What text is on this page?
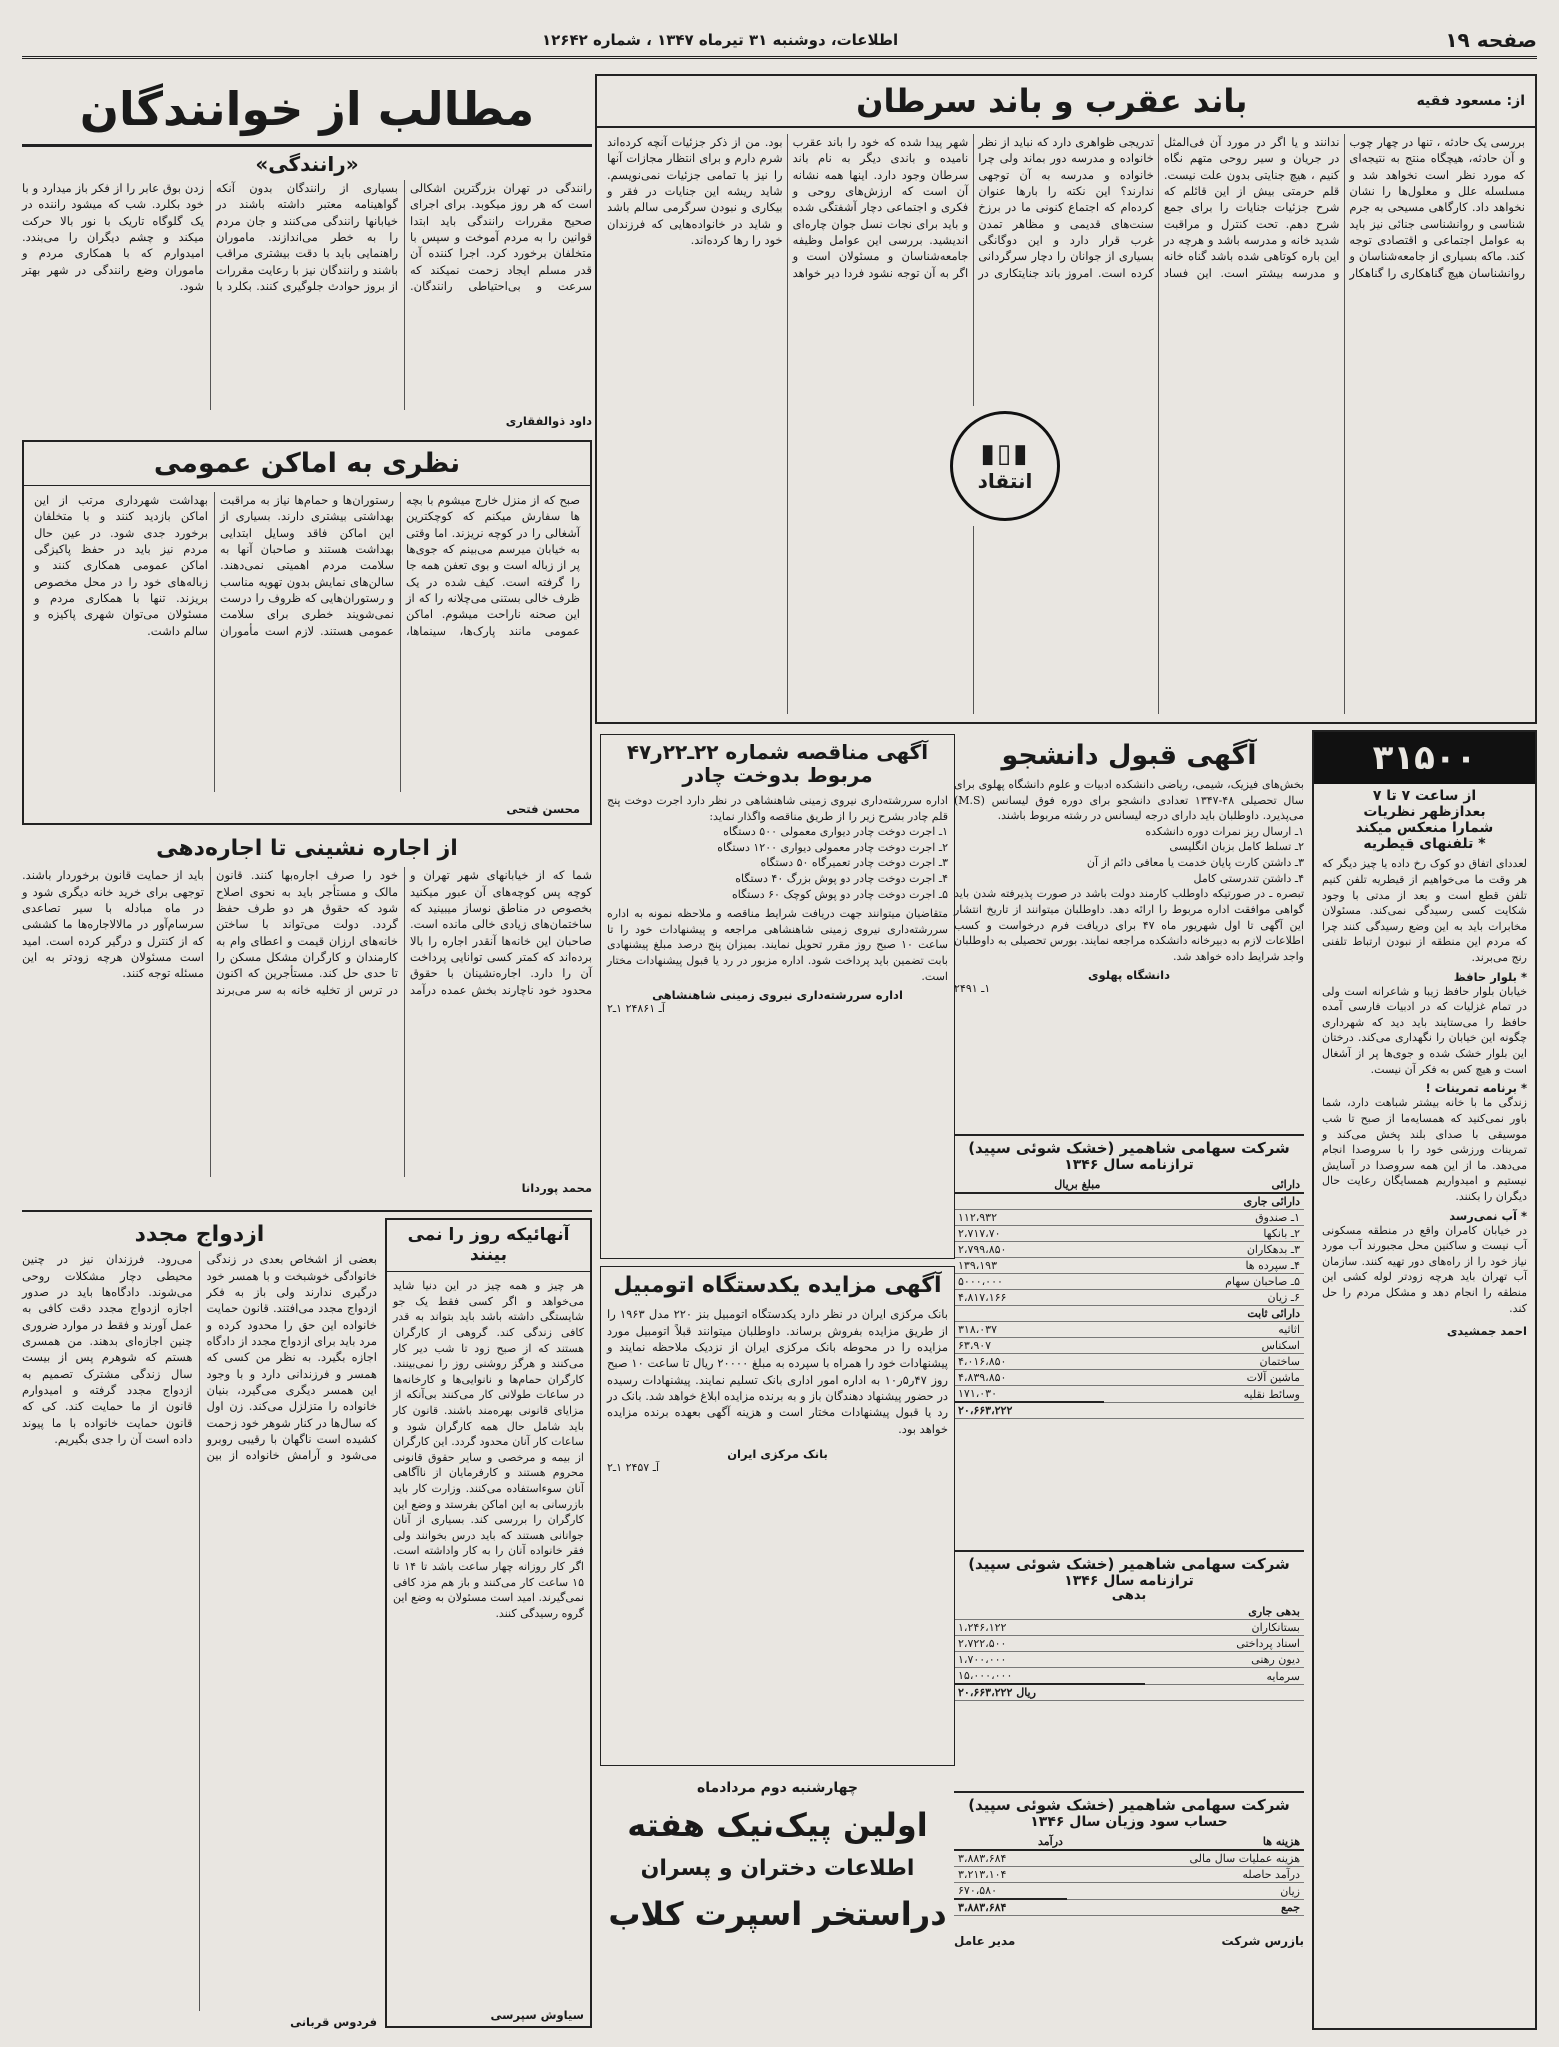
صفحه ۱۹
اطلاعات، دوشنبه ۳۱ تیرماه ۱۳۴۷ ، شماره ۱۲۶۴۲
از: مسعود فقیه
باند عقرب و باند سرطان
▮▯▮
انتقاد
بررسی یک حادثه ، تنها در چهار چوب و آن حادثه، هیچگاه منتج به نتیجه‌ای که مورد نظر است نخواهد شد و مسلسله علل و معلول‌ها را نشان نخواهد داد. کارگاهی مسیحی به جرم شناسی و روانشناسی جنائی نیز باید به عوامل اجتماعی و اقتصادی توجه کند. ماکه بسیاری از جامعه‌شناسان و روانشناسان هیچ گناهکاری را گناهکار ندانند و یا اگر در مورد آن فی‌المثل در جریان و سیر روحی متهم نگاه کنیم ، هیچ جنایتی بدون علت نیست. قلم حرمتی بیش از این قائلم که شرح جزئیات جنایات را برای جمع شرح دهم. تحت کنترل و مراقبت شدید خانه و مدرسه باشد و هرچه در این باره کوتاهی شده باشد گناه خانه و مدرسه بیشتر است. این فساد تدریجی ظواهری دارد که نباید از نظر خانواده و مدرسه دور بماند ولی چرا خانواده و مدرسه به آن توجهی ندارند؟ این نکته را بارها عنوان کرده‌ام که اجتماع کنونی ما در برزخ سنت‌های قدیمی و مظاهر تمدن غرب قرار دارد و این دوگانگی بسیاری از جوانان را دچار سرگردانی کرده است. امروز باند جنایتکاری در شهر پیدا شده که خود را باند عقرب نامیده و باندی دیگر به نام باند سرطان وجود دارد. اینها همه نشانه آن است که ارزش‌های روحی و فکری و اجتماعی دچار آشفتگی شده و باید برای نجات نسل جوان چاره‌ای اندیشید. بررسی این عوامل وظیفه جامعه‌شناسان و مسئولان است و اگر به آن توجه نشود فردا دیر خواهد بود. من از ذکر جزئیات آنچه کرده‌اند شرم دارم و برای انتظار مجازات آنها را نیز با تمامی جزئیات نمی‌نویسم. شاید ریشه این جنایات در فقر و بیکاری و نبودن سرگرمی سالم باشد و شاید در خانواده‌هایی که فرزندان خود را رها کرده‌اند.
مطالب از خوانندگان
«رانندگی»
رانندگی در تهران بزرگترین اشکالی است که هر روز میکوبد. برای اجرای صحیح مقررات رانندگی باید ابتدا قوانین را به مردم آموخت و سپس با متخلفان برخورد کرد. اجرا کننده آن قدر مسلم ایجاد زحمت نمیکند که سرعت و بی‌احتیاطی رانندگان. بسیاری از رانندگان بدون آنکه گواهینامه معتبر داشته باشند در خیابانها رانندگی می‌کنند و جان مردم را به خطر می‌اندازند. ماموران راهنمایی باید با دقت بیشتری مراقب باشند و رانندگان نیز با رعایت مقررات از بروز حوادث جلوگیری کنند. بکلرد با زدن بوق عابر را از فکر باز میدارد و با خود بکلرد. شب که میشود راننده در یک گلوگاه تاریک با نور بالا حرکت میکند و چشم دیگران را می‌بندد. امیدوارم که با همکاری مردم و ماموران وضع رانندگی در شهر بهتر شود.
داود ذوالفقاری
نظری به اماکن عمومی
صبح که از منزل خارج میشوم با بچه ها سفارش میکنم که کوچکترین آشغالی را در کوچه نریزند. اما وقتی به خیابان میرسم می‌بینم که جوی‌ها پر از زباله است و بوی تعفن همه جا را گرفته است. کیف شده در یک ظرف خالی بستنی می‌چلانه را که از این صحنه ناراحت میشوم. اماکن عمومی مانند پارک‌ها، سینماها، رستوران‌ها و حمام‌ها نیاز به مراقبت بهداشتی بیشتری دارند. بسیاری از این اماکن فاقد وسایل ابتدایی بهداشت هستند و صاحبان آنها به سلامت مردم اهمیتی نمی‌دهند. سالن‌های نمایش بدون تهویه مناسب و رستوران‌هایی که ظروف را درست نمی‌شویند خطری برای سلامت عمومی هستند. لازم است مأموران بهداشت شهرداری مرتب از این اماکن بازدید کنند و با متخلفان برخورد جدی شود. در عین حال مردم نیز باید در حفظ پاکیزگی اماکن عمومی همکاری کنند و زباله‌های خود را در محل مخصوص بریزند. تنها با همکاری مردم و مسئولان می‌توان شهری پاکیزه و سالم داشت.
محسن فتحی
از اجاره نشینی تا اجاره‌دهی
شما که از خیابانهای شهر تهران و کوچه پس کوچه‌های آن عبور میکنید بخصوص در مناطق نوساز میبینید که ساختمان‌های زیادی خالی مانده است. صاحبان این خانه‌ها آنقدر اجاره را بالا برده‌اند که کمتر کسی توانایی پرداخت آن را دارد. اجاره‌نشینان با حقوق محدود خود ناچارند بخش عمده درآمد خود را صرف اجاره‌بها کنند. قانون مالک و مستأجر باید به نحوی اصلاح شود که حقوق هر دو طرف حفظ گردد. دولت می‌تواند با ساختن خانه‌های ارزان قیمت و اعطای وام به کارمندان و کارگران مشکل مسکن را تا حدی حل کند. مستأجرین که اکنون در ترس از تخلیه خانه به سر می‌برند باید از حمایت قانون برخوردار باشند. توجهی برای خرید خانه دیگری شود و در ماه مبادله با سیر تصاعدی سرسام‌آور در مالالاجاره‌ها ما کششی که از کنترل و درگیر کرده است. امید است مسئولان هرچه زودتر به این مسئله توجه کنند.
محمد پوردانا
ازدواج مجدد
بعضی از اشخاص بعدی در زندگی خانوادگی خوشبخت و با همسر خود درگیری ندارند ولی باز به فکر ازدواج مجدد می‌افتند. قانون حمایت خانواده این حق را محدود کرده و مرد باید برای ازدواج مجدد از دادگاه اجازه بگیرد. به نظر من کسی که همسر و فرزندانی دارد و با وجود این همسر دیگری می‌گیرد، بنیان خانواده را متزلزل می‌کند. زن اول که سال‌ها در کنار شوهر خود زحمت کشیده است ناگهان با رقیبی روبرو می‌شود و آرامش خانواده از بین می‌رود. فرزندان نیز در چنین محیطی دچار مشکلات روحی می‌شوند. دادگاه‌ها باید در صدور اجازه ازدواج مجدد دقت کافی به عمل آورند و فقط در موارد ضروری چنین اجازه‌ای بدهند. من همسری هستم که شوهرم پس از بیست سال زندگی مشترک تصمیم به ازدواج مجدد گرفته و امیدوارم قانون از ما حمایت کند. کی که قانون حمایت خانواده با ما پیوند داده است آن را جدی بگیریم.
فردوس قربانی
آنهائیکه روز را نمی بینند
هر چیز و همه چیز در این دنیا شاید می‌خواهد و اگر کسی فقط یک جو شایستگی داشته باشد باید بتواند به قدر کافی زندگی کند. گروهی از کارگران هستند که از صبح زود تا شب دیر کار می‌کنند و هرگز روشنی روز را نمی‌بینند. کارگران حمام‌ها و نانوایی‌ها و کارخانه‌ها در ساعات طولانی کار می‌کنند بی‌آنکه از مزایای قانونی بهره‌مند باشند. قانون کار باید شامل حال همه کارگران شود و ساعات کار آنان محدود گردد. این کارگران از بیمه و مرخصی و سایر حقوق قانونی محروم هستند و کارفرمایان از ناآگاهی آنان سوءاستفاده می‌کنند. وزارت کار باید بازرسانی به این اماکن بفرستد و وضع این کارگران را بررسی کند. بسیاری از آنان جوانانی هستند که باید درس بخوانند ولی فقر خانواده آنان را به کار واداشته است. اگر کار روزانه چهار ساعت باشد تا ۱۴ تا ۱۵ ساعت کار می‌کنند و باز هم مزد کافی نمی‌گیرند. امید است مسئولان به وضع این گروه رسیدگی کنند.
سیاوش سپرسی
۳۱۵۰۰
از ساعت ۷ تا ۷
بعدازظهر نظریات
شمارا منعکس میکند
* تلفنهای قیطریه
لعددای اتفاق دو کوک رخ داده یا چیز دیگر که هر وقت ما می‌خواهیم از قیطریه تلفن کنیم تلفن قطع است و بعد از مدتی با وجود شکایت کسی رسیدگی نمی‌کند. مسئولان مخابرات باید به این وضع رسیدگی کنند چرا که مردم این منطقه از نبودن ارتباط تلفنی رنج می‌برند.
* بلوار حافظ
خیابان بلوار حافظ زیبا و شاعرانه است ولی در تمام غزلیات که در ادبیات فارسی آمده حافظ را می‌ستایند باید دید که شهرداری چگونه این خیابان را نگهداری می‌کند. درختان این بلوار خشک شده و جوی‌ها پر از آشغال است و هیچ کس به فکر آن نیست.
* برنامه تمرینات !
زندگی ما با خانه بیشتر شباهت دارد، شما باور نمی‌کنید که همسایه‌ما از صبح تا شب موسیقی با صدای بلند پخش می‌کند و تمرینات ورزشی خود را با سروصدا انجام می‌دهد. ما از این همه سروصدا در آسایش نیستیم و امیدواریم همسایگان رعایت حال دیگران را بکنند.
* آب نمی‌رسد
در خیابان کامران واقع در منطقه مسکونی آب نیست و ساکنین محل مجبورند آب مورد نیاز خود را از راه‌های دور تهیه کنند. سازمان آب تهران باید هرچه زودتر لوله کشی این منطقه را انجام دهد و مشکل مردم را حل کند.
احمد جمشیدی
آگهی قبول دانشجو
بخش‌های فیزیک، شیمی، ریاضی دانشکده ادبیات و علوم دانشگاه پهلوی برای سال تحصیلی ۴۸-۱۳۴۷ تعدادی دانشجو برای دوره فوق لیسانس (M.S) می‌پذیرد. داوطلبان باید دارای درجه لیسانس در رشته مربوط باشند.
۱ـ ارسال ریز نمرات دوره دانشکده
۲ـ تسلط کامل بزبان انگلیسی
۳ـ داشتن کارت پایان خدمت یا معافی دائم از آن
۴ـ داشتن تندرستی کامل
تبصره ـ در صورتیکه داوطلب کارمند دولت باشد در صورت پذیرفته شدن باید گواهی موافقت اداره مربوط را ارائه دهد. داوطلبان میتوانند از تاریخ انتشار این آگهی تا اول شهریور ماه ۴۷ برای دریافت فرم درخواست و کسب اطلاعات لازم به دبیرخانه دانشکده مراجعه نمایند. بورس تحصیلی به داوطلبان واجد شرایط داده خواهد شد.
دانشگاه پهلوی
۱ـ ۲۴۹۱
شرکت سهامی شاهمیر (خشک شوئی سپید)
ترازنامه سال ۱۳۴۶
دارائی	مبلغ بریال
دارائی جاری	
۱ـ صندوق	۱۱۲،۹۳۲
۲ـ بانکها	۲،۷۱۷،۷۰
۳ـ بدهکاران	۲،۷۹۹،۸۵۰
۴ـ سپرده ها	۱۳۹،۱۹۳
۵ـ صاحبان سهام	۵۰۰۰،۰۰۰
۶ـ زیان	۴،۸۱۷،۱۶۶
دارائی ثابت	
اثاثیه	۳۱۸،۰۳۷
اسکناس	۶۳،۹۰۷
ساختمان	۴،۰۱۶،۸۵۰
ماشین آلات	۴،۸۳۹،۸۵۰
وسائط نقلیه	۱۷۱،۰۳۰
	۲۰،۶۶۳،۲۲۲
شرکت سهامی شاهمیر (خشک شوئی سپید)
ترازنامه سال ۱۳۴۶
بدهی
بدهی جاری	
بستانکاران	۱،۲۴۶،۱۲۲
اسناد پرداختی	۲،۷۲۲،۵۰۰
دیون رهنی	۱،۷۰۰،۰۰۰
سرمایه	۱۵،۰۰۰،۰۰۰
	۲۰،۶۶۳،۲۲۲ ریال
شرکت سهامی شاهمیر (خشک شوئی سپید)
حساب سود وزیان سال ۱۳۴۶
هزینه ها	درآمد
هزینه عملیات سال مالی	۳،۸۸۳،۶۸۴
درآمد حاصله	۳،۲۱۳،۱۰۴
زیان	۶۷۰،۵۸۰
جمع	۳،۸۸۳،۶۸۴
بازرس شرکت
مدیر عامل
آگهی مناقصه شماره ۲۲ـ۲۲ر۴۷
مربوط بدوخت چادر
اداره سررشته‌داری نیروی زمینی شاهنشاهی در نظر دارد اجرت دوخت پنج قلم چادر بشرح زیر را از طریق مناقصه واگذار نماید:
۱ـ اجرت دوخت چادر دیواری معمولی ۵۰۰ دستگاه
۲ـ اجرت دوخت چادر معمولی دیواری ۱۲۰۰ دستگاه
۳ـ اجرت دوخت چادر تعمیرگاه ۵۰ دستگاه
۴ـ اجرت دوخت چادر دو پوش بزرگ ۴۰ دستگاه
۵ـ اجرت دوخت چادر دو پوش کوچک ۶۰ دستگاه
متقاضیان میتوانند جهت دریافت شرایط مناقصه و ملاحظه نمونه به اداره سررشته‌داری نیروی زمینی شاهنشاهی مراجعه و پیشنهادات خود را تا ساعت ۱۰ صبح روز مقرر تحویل نمایند. بمیزان پنج درصد مبلغ پیشنهادی بابت تضمین باید پرداخت شود. اداره مزبور در رد یا قبول پیشنهادات مختار است.
اداره سررشته‌داری نیروی زمینی شاهنشاهی
آـ ۲۴۸۶۱ ۱ـ۲
آگهی مزایده یکدستگاه اتومبیل
بانک مرکزی ایران در نظر دارد یکدستگاه اتومبیل بنز ۲۲۰ مدل ۱۹۶۳ را از طریق مزایده بفروش برساند. داوطلبان میتوانند قبلاً اتومبیل مورد مزایده را در محوطه بانک مرکزی ایران از نزدیک ملاحظه نمایند و پیشنهادات خود را همراه با سپرده به مبلغ ۲۰۰۰۰ ریال تا ساعت ۱۰ صبح روز ۴۷ر۵ر۱۰ به اداره امور اداری بانک تسلیم نمایند. پیشنهادات رسیده در حضور پیشنهاد دهندگان باز و به برنده مزایده ابلاغ خواهد شد. بانک در رد یا قبول پیشنهادات مختار است و هزینه آگهی بعهده برنده مزایده خواهد بود.
بانک مرکزی ایران
آـ ۲۴۵۷ ۱ـ۲
چهارشنبه دوم مردادماه
اولین پیک‌نیک هفته
اطلاعات دختران و پسران
دراستخر اسپرت کلاب
